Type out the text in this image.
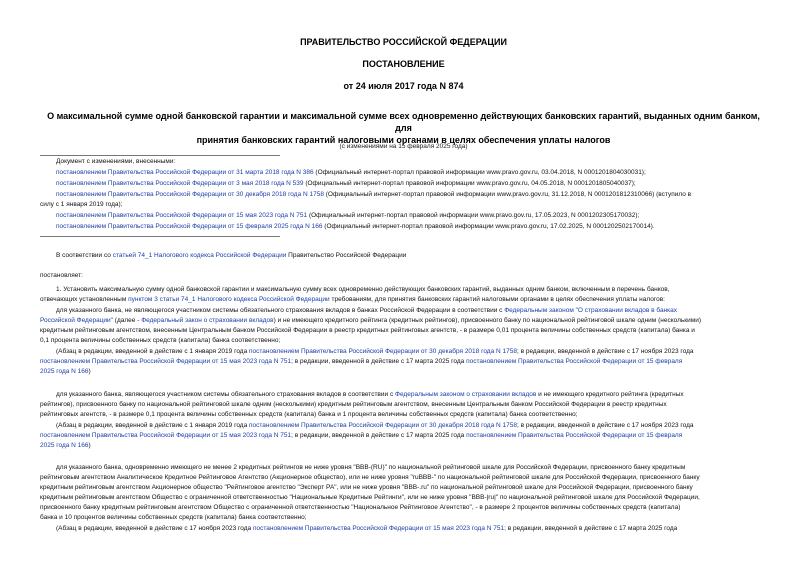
ПРАВИТЕЛЬСТВО РОССИЙСКОЙ ФЕДЕРАЦИИ
ПОСТАНОВЛЕНИЕ
от 24 июля 2017 года N 874
О максимальной сумме одной банковской гарантии и максимальной сумме всех одновременно действующих банковских гарантий, выданных одним банком, для
принятия банковских гарантий налоговыми органами в целях обеспечения уплаты налогов
(с изменениями на 15 февраля 2025 года)
Документ с изменениями, внесенными:
постановлением Правительства Российской Федерации от 31 марта 2018 года N 386 (Официальный интернет-портал правовой информации www.pravo.gov.ru, 03.04.2018, N 0001201804030031);
постановлением Правительства Российской Федерации от 3 мая 2018 года N 539 (Официальный интернет-портал правовой информации www.pravo.gov.ru, 04.05.2018, N 0001201805040037);
постановлением Правительства Российской Федерации от 30 декабря 2018 года N 1758 (Официальный интернет-портал правовой информации www.pravo.gov.ru, 31.12.2018, N 0001201812310066) (вступило в
силу с 1 января 2019 года);
постановлением Правительства Российской Федерации от 15 мая 2023 года N 751 (Официальный интернет-портал правовой информации www.pravo.gov.ru, 17.05.2023, N 0001202305170032);
постановлением Правительства Российской Федерации от 15 февраля 2025 года N 166 (Официальный интернет-портал правовой информации www.pravo.gov.ru, 17.02.2025, N 0001202502170014).
В соответствии со статьей 74_1 Налогового кодекса Российской Федерации Правительство Российской Федерации
постановляет:
1. Установить максимальную сумму одной банковской гарантии и максимальную сумму всех одновременно действующих банковских гарантий, выданных одним банком, включенным в перечень банков,
отвечающих установленным пунктом 3 статьи 74_1 Налогового кодекса Российской Федерации требованиям, для принятия банковских гарантий налоговыми органами в целях обеспечения уплаты налогов:
для указанного банка, не являющегося участником системы обязательного страхования вкладов в банках Российской Федерации в соответствии с Федеральным законом "О страховании вкладов в банках
Российской Федерации" (далее - Федеральный закон о страховании вкладов) и не имеющего кредитного рейтинга (кредитных рейтингов), присвоенного банку по национальной рейтинговой шкале одним (несколькими)
кредитным рейтинговым агентством, внесенным Центральным банком Российской Федерации в реестр кредитных рейтинговых агентств, - в размере 0,01 процента величины собственных средств (капитала) банка и
0,1 процента величины собственных средств (капитала) банка соответственно;
(Абзац в редакции, введенной в действие с 1 января 2019 года постановлением Правительства Российской Федерации от 30 декабря 2018 года N 1758; в редакции, введенной в действие с 17 ноября 2023 года
постановлением Правительства Российской Федерации от 15 мая 2023 года N 751; в редакции, введенной в действие с 17 марта 2025 года постановлением Правительства Российской Федерации от 15 февраля
2025 года N 166)
для указанного банка, являющегося участником системы обязательного страхования вкладов в соответствии с Федеральным законом о страховании вкладов и не имеющего кредитного рейтинга (кредитных
рейтингов), присвоенного банку по национальной рейтинговой шкале одним (несколькими) кредитным рейтинговым агентством, внесенным Центральным банком Российской Федерации в реестр кредитных
рейтинговых агентств, - в размере 0,1 процента величины собственных средств (капитала) банка и 1 процента величины собственных средств (капитала) банка соответственно;
(Абзац в редакции, введенной в действие с 1 января 2019 года постановлением Правительства Российской Федерации от 30 декабря 2018 года N 1758; в редакции, введенной в действие с 17 ноября 2023 года
постановлением Правительства Российской Федерации от 15 мая 2023 года N 751; в редакции, введенной в действие с 17 марта 2025 года постановлением Правительства Российской Федерации от 15 февраля
2025 года N 166)
для указанного банка, одновременно имеющего не менее 2 кредитных рейтингов не ниже уровня "BBB-(RU)" по национальной рейтинговой шкале для Российской Федерации, присвоенного банку кредитным
рейтинговым агентством Аналитическое Кредитное Рейтинговое Агентство (Акционерное общество), или не ниже уровня "ruBBB-" по национальной рейтинговой шкале для Российской Федерации, присвоенного банку
кредитным рейтинговым агентством Акционерное общество "Рейтинговое агентство "Эксперт РА", или не ниже уровня "BBB-.ru" по национальной рейтинговой шкале для Российской Федерации, присвоенного банку
кредитным рейтинговым агентством Общество с ограниченной ответственностью "Национальные Кредитные Рейтинги", или не ниже уровня "BBB-|ru|" по национальной рейтинговой шкале для Российской Федерации,
присвоенного банку кредитным рейтинговым агентством Общество с ограниченной ответственностью "Национальное Рейтинговое Агентство", - в размере 2 процентов величины собственных средств (капитала)
банка и 10 процентов величины собственных средств (капитала) банка соответственно;
(Абзац в редакции, введенной в действие с 17 ноября 2023 года постановлением Правительства Российской Федерации от 15 мая 2023 года N 751; в редакции, введенной в действие с 17 марта 2025 года
